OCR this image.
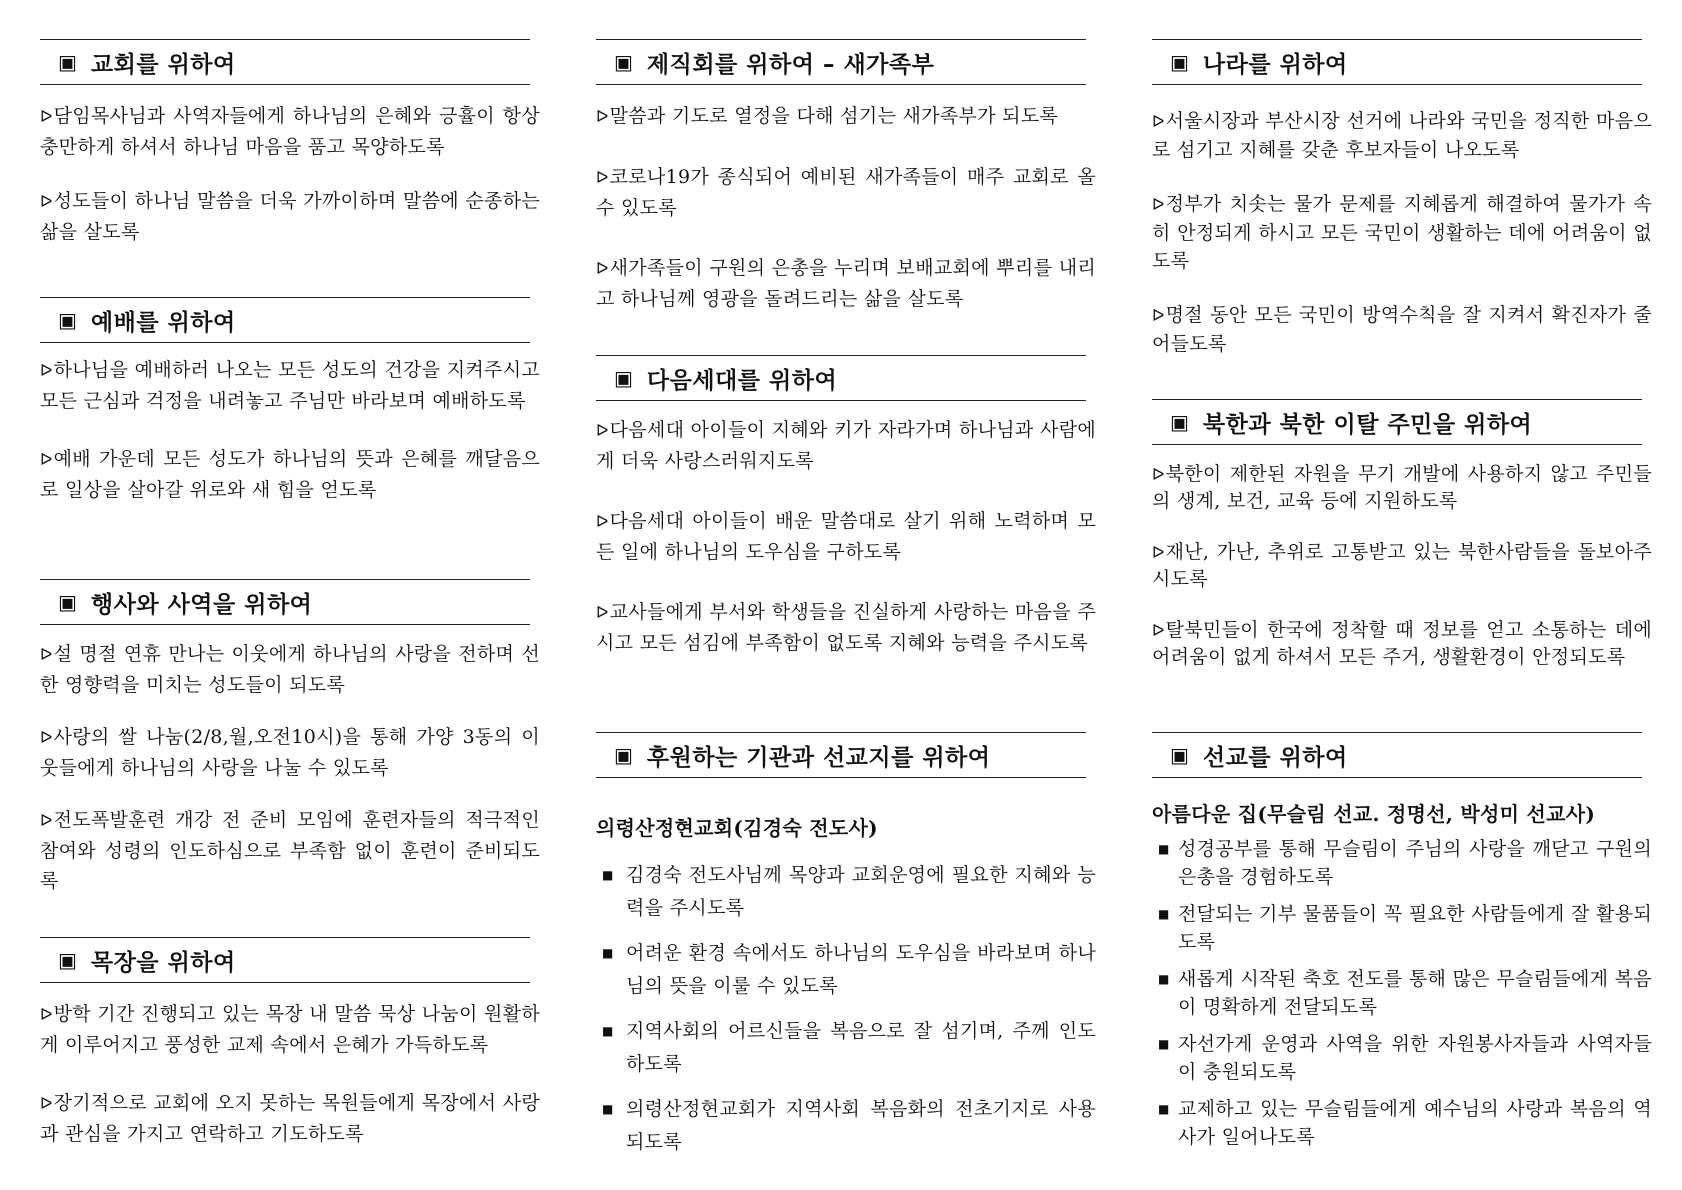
▣ 교회를 위하여
ᐅ담임목사님과 사역자들에게 하나님의 은혜와 긍휼이 항상 충만하게 하셔서 하나님 마음을 품고 목양하도록
ᐅ성도들이 하나님 말씀을 더욱 가까이하며 말씀에 순종하는 삶을 살도록
▣ 예배를 위하여
ᐅ하나님을 예배하러 나오는 모든 성도의 건강을 지켜주시고 모든 근심과 걱정을 내려놓고 주님만 바라보며 예배하도록
ᐅ예배 가운데 모든 성도가 하나님의 뜻과 은혜를 깨달음으로 일상을 살아갈 위로와 새 힘을 얻도록
▣ 행사와 사역을 위하여
ᐅ설 명절 연휴 만나는 이웃에게 하나님의 사랑을 전하며 선한 영향력을 미치는 성도들이 되도록
ᐅ사랑의 쌀 나눔(2/8,월,오전10시)을 통해 가양 3동의 이웃들에게 하나님의 사랑을 나눌 수 있도록
ᐅ전도폭발훈련 개강 전 준비 모임에 훈련자들의 적극적인 참여와 성령의 인도하심으로 부족함 없이 훈련이 준비되도록
▣ 목장을 위하여
ᐅ방학 기간 진행되고 있는 목장 내 말씀 묵상 나눔이 원활하게 이루어지고 풍성한 교제 속에서 은혜가 가득하도록
ᐅ장기적으로 교회에 오지 못하는 목원들에게 목장에서 사랑과 관심을 가지고 연락하고 기도하도록
▣ 제직회를 위하여 – 새가족부
ᐅ말씀과 기도로 열정을 다해 섬기는 새가족부가 되도록
ᐅ코로나19가 종식되어 예비된 새가족들이 매주 교회로 올 수 있도록
ᐅ새가족들이 구원의 은총을 누리며 보배교회에 뿌리를 내리고 하나님께 영광을 돌려드리는 삶을 살도록
▣ 다음세대를 위하여
ᐅ다음세대 아이들이 지혜와 키가 자라가며 하나님과 사람에게 더욱 사랑스러워지도록
ᐅ다음세대 아이들이 배운 말씀대로 살기 위해 노력하며 모든 일에 하나님의 도우심을 구하도록
ᐅ교사들에게 부서와 학생들을 진실하게 사랑하는 마음을 주시고 모든 섬김에 부족함이 없도록 지혜와 능력을 주시도록
▣ 후원하는 기관과 선교지를 위하여
의령산정현교회(김경숙 전도사)
■ 김경숙 전도사님께 목양과 교회운영에 필요한 지혜와 능력을 주시도록
■ 어려운 환경 속에서도 하나님의 도우심을 바라보며 하나님의 뜻을 이룰 수 있도록
■ 지역사회의 어르신들을 복음으로 잘 섬기며, 주께 인도하도록
■ 의령산정현교회가 지역사회 복음화의 전초기지로 사용되도록
▣ 나라를 위하여
ᐅ서울시장과 부산시장 선거에 나라와 국민을 정직한 마음으로 섬기고 지혜를 갖춘 후보자들이 나오도록
ᐅ정부가 치솟는 물가 문제를 지혜롭게 해결하여 물가가 속히 안정되게 하시고 모든 국민이 생활하는 데에 어려움이 없도록
ᐅ명절 동안 모든 국민이 방역수칙을 잘 지켜서 확진자가 줄어들도록
▣ 북한과 북한 이탈 주민을 위하여
ᐅ북한이 제한된 자원을 무기 개발에 사용하지 않고 주민들의 생계, 보건, 교육 등에 지원하도록
ᐅ재난, 가난, 추위로 고통받고 있는 북한사람들을 돌보아주시도록
ᐅ탈북민들이 한국에 정착할 때 정보를 얻고 소통하는 데에 어려움이 없게 하셔서 모든 주거, 생활환경이 안정되도록
▣ 선교를 위하여
아름다운 집(무슬림 선교. 정명선, 박성미 선교사)
■ 성경공부를 통해 무슬림이 주님의 사랑을 깨닫고 구원의 은총을 경험하도록
■ 전달되는 기부 물품들이 꼭 필요한 사람들에게 잘 활용되도록
■ 새롭게 시작된 축호 전도를 통해 많은 무슬림들에게 복음이 명확하게 전달되도록
■ 자선가게 운영과 사역을 위한 자원봉사자들과 사역자들이 충원되도록
■ 교제하고 있는 무슬림들에게 예수님의 사랑과 복음의 역사가 일어나도록
